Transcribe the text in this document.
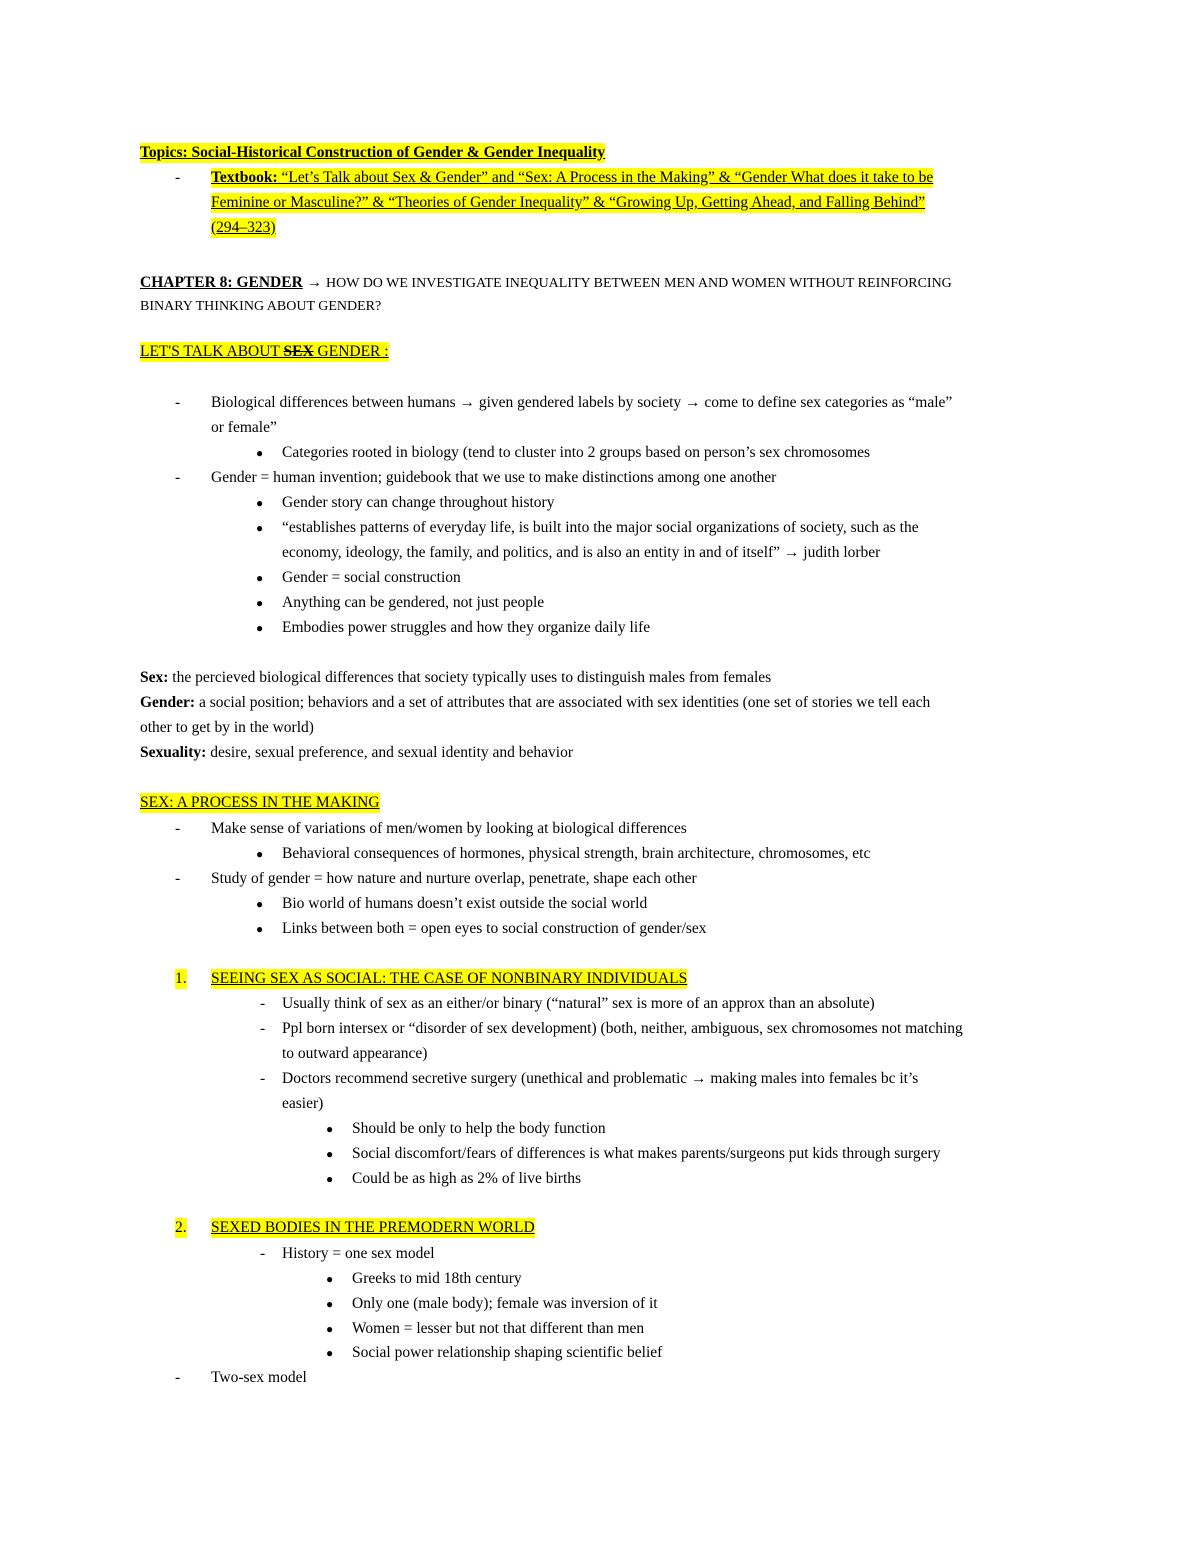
Topics: Social-Historical Construction of Gender & Gender Inequality
- Textbook: “Let’s Talk about Sex & Gender” and “Sex: A Process in the Making” & “Gender What does it take to be
Feminine or Masculine?” & “Theories of Gender Inequality” & “Growing Up, Getting Ahead, and Falling Behind”
(294–323)
CHAPTER 8: GENDER → HOW DO WE INVESTIGATE INEQUALITY BETWEEN MEN AND WOMEN WITHOUT REINFORCING
BINARY THINKING ABOUT GENDER?
LET'S TALK ABOUT SEX GENDER :
- Biological differences between humans → given gendered labels by society → come to define sex categories as “male”
or female”
● Categories rooted in biology (tend to cluster into 2 groups based on person’s sex chromosomes
- Gender = human invention; guidebook that we use to make distinctions among one another
● Gender story can change throughout history
● “establishes patterns of everyday life, is built into the major social organizations of society, such as the
economy, ideology, the family, and politics, and is also an entity in and of itself” → judith lorber
● Gender = social construction
● Anything can be gendered, not just people
● Embodies power struggles and how they organize daily life
Sex: the percieved biological differences that society typically uses to distinguish males from females
Gender: a social position; behaviors and a set of attributes that are associated with sex identities (one set of stories we tell each
other to get by in the world)
Sexuality: desire, sexual preference, and sexual identity and behavior
SEX: A PROCESS IN THE MAKING
- Make sense of variations of men/women by looking at biological differences
● Behavioral consequences of hormones, physical strength, brain architecture, chromosomes, etc
- Study of gender = how nature and nurture overlap, penetrate, shape each other
● Bio world of humans doesn’t exist outside the social world
● Links between both = open eyes to social construction of gender/sex
1. SEEING SEX AS SOCIAL: THE CASE OF NONBINARY INDIVIDUALS
- Usually think of sex as an either/or binary (“natural” sex is more of an approx than an absolute)
- Ppl born intersex or “disorder of sex development) (both, neither, ambiguous, sex chromosomes not matching
to outward appearance)
- Doctors recommend secretive surgery (unethical and problematic → making males into females bc it’s
easier)
● Should be only to help the body function
● Social discomfort/fears of differences is what makes parents/surgeons put kids through surgery
● Could be as high as 2% of live births
2. SEXED BODIES IN THE PREMODERN WORLD
- History = one sex model
● Greeks to mid 18th century
● Only one (male body); female was inversion of it
● Women = lesser but not that different than men
● Social power relationship shaping scientific belief
- Two-sex model
